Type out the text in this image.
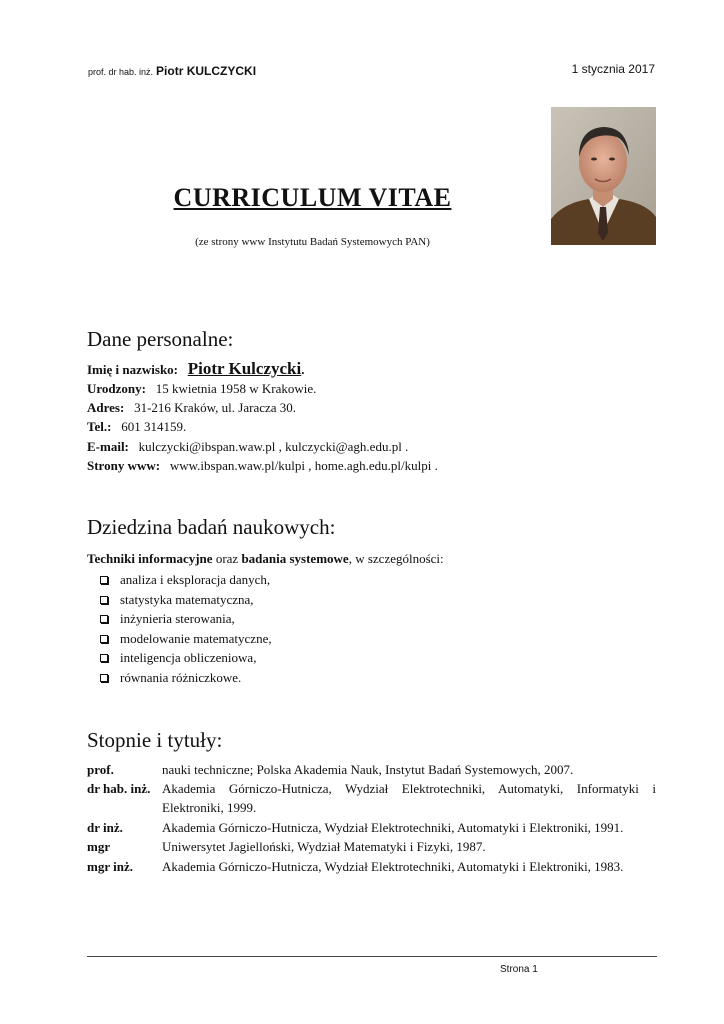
prof. dr hab. inż. Piotr KULCZYCKI	1 stycznia 2017
CURRICULUM VITAE
(ze strony www Instytutu Badań Systemowych PAN)
Dane personalne:
Imię i nazwisko: Piotr Kulczycki.
Urodzony: 15 kwietnia 1958 w Krakowie.
Adres: 31-216 Kraków, ul. Jaracza 30.
Tel.: 601 314159.
E-mail: kulczycki@ibspan.waw.pl , kulczycki@agh.edu.pl .
Strony www: www.ibspan.waw.pl/kulpi , home.agh.edu.pl/kulpi .
Dziedzina badań naukowych:
Techniki informacyjne oraz badania systemowe, w szczególności:
analiza i eksploracja danych,
statystyka matematyczna,
inżynieria sterowania,
modelowanie matematyczne,
inteligencja obliczeniowa,
równania różniczkowe.
Stopnie i tytuły:
prof.	nauki techniczne; Polska Akademia Nauk, Instytut Badań Systemowych, 2007.
dr hab. inż. Akademia Górniczo-Hutnicza, Wydział Elektrotechniki, Automatyki, Informatyki i
Elektroniki, 1999.
dr inż.	Akademia Górniczo-Hutnicza, Wydział Elektrotechniki, Automatyki i Elektroniki, 1991.
mgr	Uniwersytet Jagielloński, Wydział Matematyki i Fizyki, 1987.
mgr inż. Akademia Górniczo-Hutnicza, Wydział Elektrotechniki, Automatyki i Elektroniki, 1983.
Strona 1
